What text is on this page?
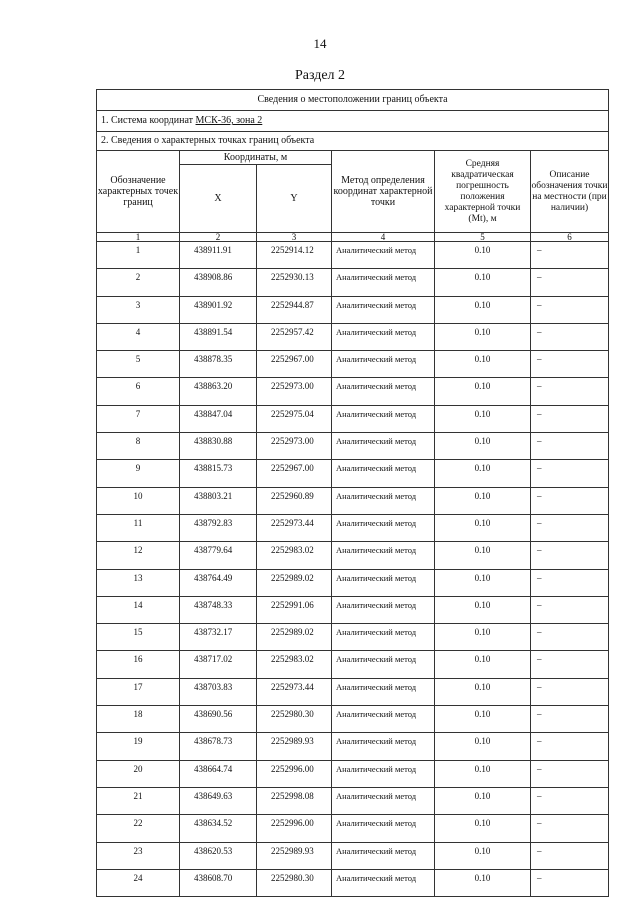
14
Раздел 2
Сведения о местоположении границ объекта					
1. Система координат МСК-36, зона 2					
2. Сведения о характерных точках границ объекта					
Обозначение характерных точек границ	Координаты, м		Метод определения координат характерной точки	Средняя квадратическая погрешность положения характерной точки (Mt), м	Описание обозначения точки на местности (при наличии)
	X	Y			
1	2	3	4	5	6
1	438911.91	2252914.12	Аналитический метод	0.10	–
2	438908.86	2252930.13	Аналитический метод	0.10	–
3	438901.92	2252944.87	Аналитический метод	0.10	–
4	438891.54	2252957.42	Аналитический метод	0.10	–
5	438878.35	2252967.00	Аналитический метод	0.10	–
6	438863.20	2252973.00	Аналитический метод	0.10	–
7	438847.04	2252975.04	Аналитический метод	0.10	–
8	438830.88	2252973.00	Аналитический метод	0.10	–
9	438815.73	2252967.00	Аналитический метод	0.10	–
10	438803.21	2252960.89	Аналитический метод	0.10	–
11	438792.83	2252973.44	Аналитический метод	0.10	–
12	438779.64	2252983.02	Аналитический метод	0.10	–
13	438764.49	2252989.02	Аналитический метод	0.10	–
14	438748.33	2252991.06	Аналитический метод	0.10	–
15	438732.17	2252989.02	Аналитический метод	0.10	–
16	438717.02	2252983.02	Аналитический метод	0.10	–
17	438703.83	2252973.44	Аналитический метод	0.10	–
18	438690.56	2252980.30	Аналитический метод	0.10	–
19	438678.73	2252989.93	Аналитический метод	0.10	–
20	438664.74	2252996.00	Аналитический метод	0.10	–
21	438649.63	2252998.08	Аналитический метод	0.10	–
22	438634.52	2252996.00	Аналитический метод	0.10	–
23	438620.53	2252989.93	Аналитический метод	0.10	–
24	438608.70	2252980.30	Аналитический метод	0.10	–
